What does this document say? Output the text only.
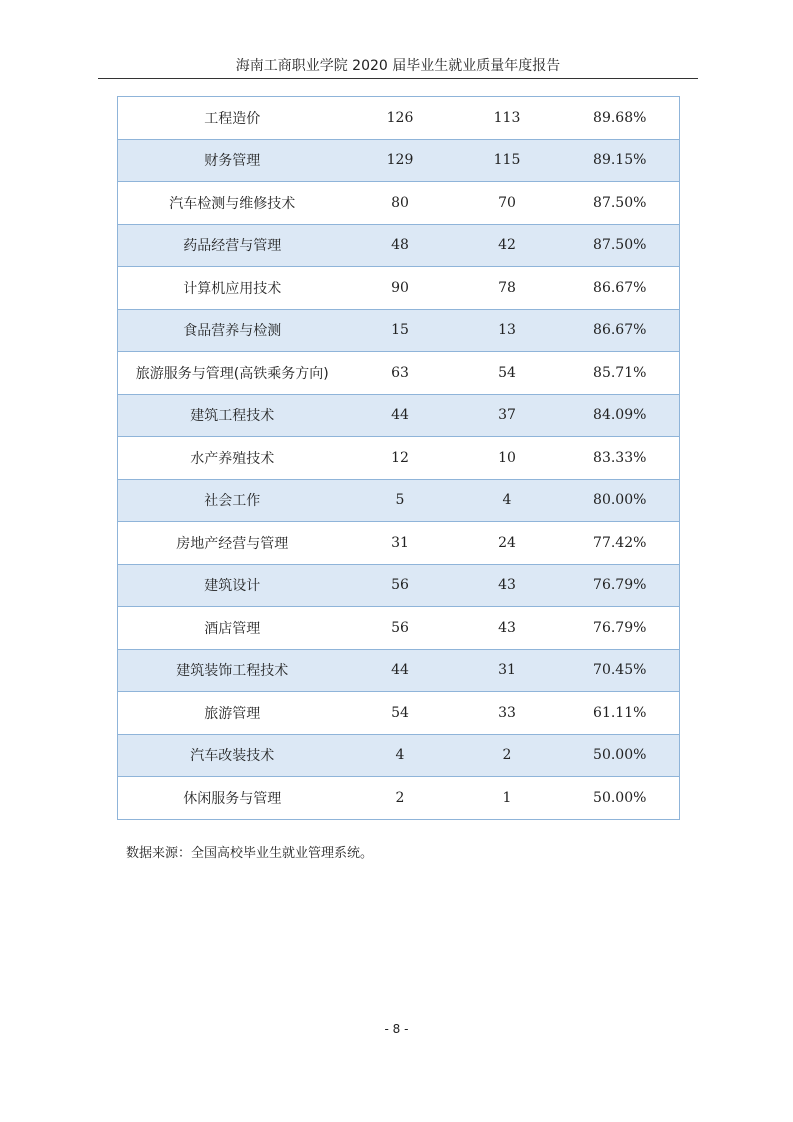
海南工商职业学院 2020 届毕业生就业质量年度报告
工程造价	126	113	89.68%
财务管理	129	115	89.15%
汽车检测与维修技术	80	70	87.50%
药品经营与管理	48	42	87.50%
计算机应用技术	90	78	86.67%
食品营养与检测	15	13	86.67%
旅游服务与管理(高铁乘务方向)	63	54	85.71%
建筑工程技术	44	37	84.09%
水产养殖技术	12	10	83.33%
社会工作	5	4	80.00%
房地产经营与管理	31	24	77.42%
建筑设计	56	43	76.79%
酒店管理	56	43	76.79%
建筑装饰工程技术	44	31	70.45%
旅游管理	54	33	61.11%
汽车改装技术	4	2	50.00%
休闲服务与管理	2	1	50.00%
数据来源：全国高校毕业生就业管理系统。
- 8 -
